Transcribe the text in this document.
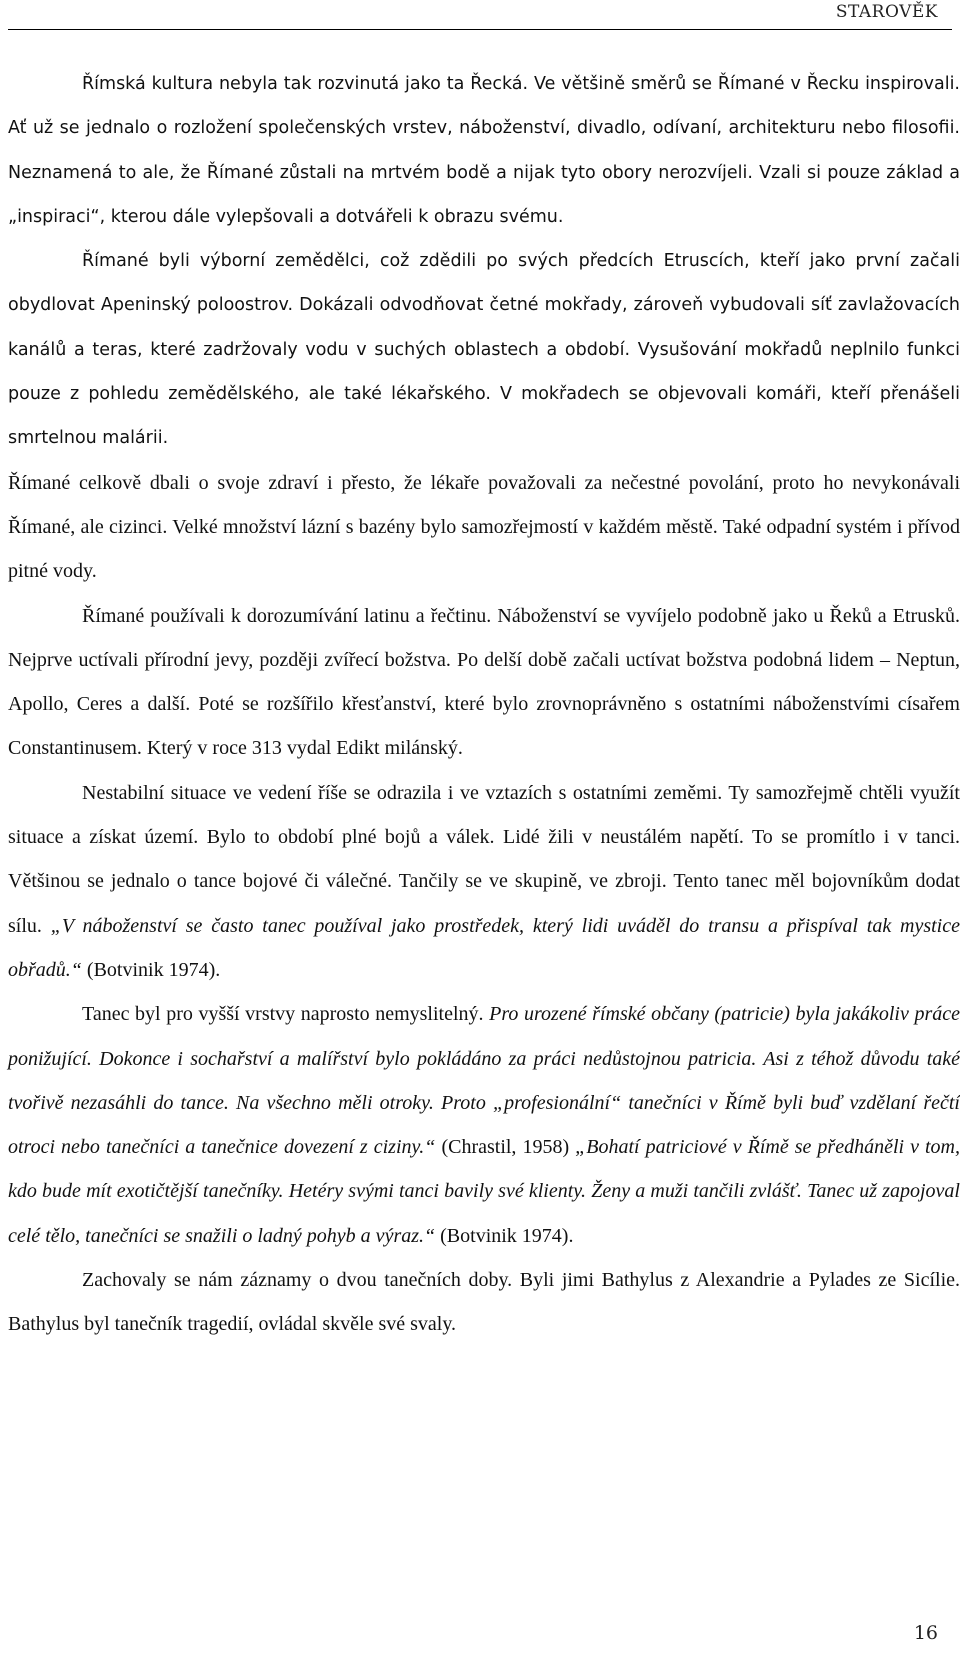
STAROVĚK

Římská kultura nebyla tak rozvinutá jako ta Řecká. Ve většině směrů se Římané v Řecku inspirovali. Ať už se jednalo o rozložení společenských vrstev, náboženství, divadlo, odívaní, architekturu nebo filosofii. Neznamená to ale, že Římané zůstali na mrtvém bodě a nijak tyto obory nerozvíjeli. Vzali si pouze základ a „inspiraci“, kterou dále vylepšovali a dotvářeli k obrazu svému.

Římané byli výborní zemědělci, což zdědili po svých předcích Etruscích, kteří jako první začali obydlovat Apeninský poloostrov. Dokázali odvodňovat četné mokřady, zároveň vybudovali síť zavlažovacích kanálů a teras, které zadržovaly vodu v suchých oblastech a období. Vysušování mokřadů neplnilo funkci pouze z pohledu zemědělského, ale také lékařského. V mokřadech se objevovali komáři, kteří přenášeli smrtelnou malárii.

Římané celkově dbali o svoje zdraví i přesto, že lékaře považovali za nečestné povolání, proto ho nevykonávali Římané, ale cizinci. Velké množství lázní s bazény bylo samozřejmostí v každém městě. Také odpadní systém i přívod pitné vody.

Římané používali k dorozumívání latinu a řečtinu. Náboženství se vyvíjelo podobně jako u Řeků a Etrusků. Nejprve uctívali přírodní jevy, později zvířecí božstva. Po delší době začali uctívat božstva podobná lidem – Neptun, Apollo, Ceres a další. Poté se rozšířilo křesťanství, které bylo zrovnoprávněno s ostatními náboženstvími císařem Constantinusem. Který v roce 313 vydal Edikt milánský.

Nestabilní situace ve vedení říše se odrazila i ve vztazích s ostatními zeměmi. Ty samozřejmě chtěli využít situace a získat území. Bylo to období plné bojů a válek. Lidé žili v neustálém napětí. To se promítlo i v tanci. Většinou se jednalo o tance bojové či válečné. Tančily se ve skupině, ve zbroji. Tento tanec měl bojovníkům dodat sílu. „V náboženství se často tanec používal jako prostředek, který lidi uváděl do transu a přispíval tak mystice obřadů.“ (Botvinik 1974).

Tanec byl pro vyšší vrstvy naprosto nemyslitelný. Pro urozené římské občany (patricie) byla jakákoliv práce ponižující. Dokonce i sochařství a malířství bylo pokládáno za práci nedůstojnou patricia. Asi z téhož důvodu také tvořivě nezasáhli do tance. Na všechno měli otroky. Proto „profesionální“ tanečníci v Římě byli buď vzdělaní řečtí otroci nebo tanečníci a tanečnice dovezení z ciziny.“ (Chrastil, 1958) „Bohatí patriciové v Římě se předháněli v tom, kdo bude mít exotičtější tanečníky. Hetéry svými tanci bavily své klienty. Ženy a muži tančili zvlášť. Tanec už zapojoval celé tělo, tanečníci se snažili o ladný pohyb a výraz.“ (Botvinik 1974).

Zachovaly se nám záznamy o dvou tanečních doby. Byli jimi Bathylus z Alexandrie a Pylades ze Sicílie. Bathylus byl tanečník tragedií, ovládal skvěle své svaly.

16
